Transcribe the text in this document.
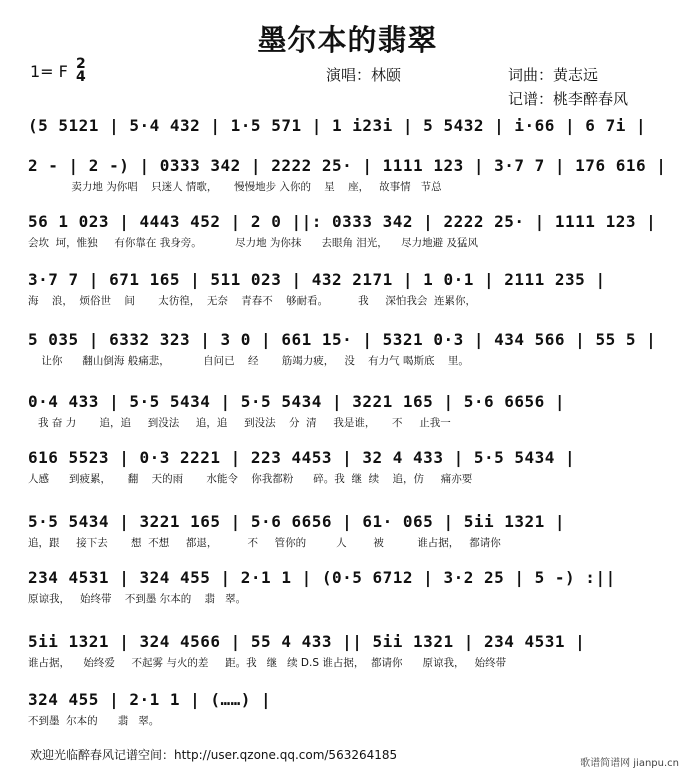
墨尔本的翡翠
1= F 2
4	演唱：林颐	词曲：黄志远
记谱：桃李醉春风
(5 5121 | 5·4 432 | 1·5 571 | 1 i23i | 5 5432 | i·66 | 6 7i |
2 - | 2 -) | 0333 342 | 2222 25· | 1111 123 | 3·7 7 | 176 616 |
卖力地 为你唱    只迷人 情歌，     慢慢地步 入你的    星    座，   故事情   节总
56 1 023 | 4443 452 | 2 0 ||: 0333 342 | 2222 25· | 1111 123 |
会坎  坷，惟独     有你靠在 我身旁。          尽力地 为你抹      去眼角 泪光，    尽力地避 及猛风
3·7 7 | 671 165 | 511 023 | 432 2171 | 1 0·1 | 2111 235 |
海    浪，  烦俗世    间       太彷徨，  无奈    青春不    够耐看。         我     深怕我会  连累你，
5 035 | 6332 323 | 3 0 | 661 15· | 5321 0·3 | 434 566 | 55 5 |
让你      翻山倒海 般痛悲，          自问已    经       筋竭力疲，   没    有力气 喝斯底    里。
0·4 433 | 5·5 5434 | 5·5 5434 | 3221 165 | 5·6 6656 |
我 奋 力       追，追     到没法     追，追     到没法    分  清     我是谁，     不     止我一
616 5523 | 0·3 2221 | 223 4453 | 32 4 433 | 5·5 5434 |
人感      到疲累，     翻    天的雨       水能令    你我都粉      碎。我  继  续    追，仿     痛亦要
5·5 5434 | 3221 165 | 5·6 6656 | 61· 065 | 5ii 1321 |
追，跟     接下去       想  不想     都退，         不     管你的         人        被          谁占据，   都请你
234 4531 | 324 455 | 2·1 1 | (0·5 6712 | 3·2 25 | 5 -) :||
原谅我，   始终带    不到墨 尔本的    翡   翠。
5ii 1321 | 324 4566 | 55 4 433 || 5ii 1321 | 234 4531 |
谁占据，    始终爱     不起雾 与火的差     距。我   继   续 D.S 谁占据，  都请你      原谅我，   始终带
324 455 | 2·1 1 | (……) |
不到墨  尔本的      翡   翠。
欢迎光临醉春风记谱空间：http://user.qzone.qq.com/563264185
歌谱简谱网 jianpu.cn
